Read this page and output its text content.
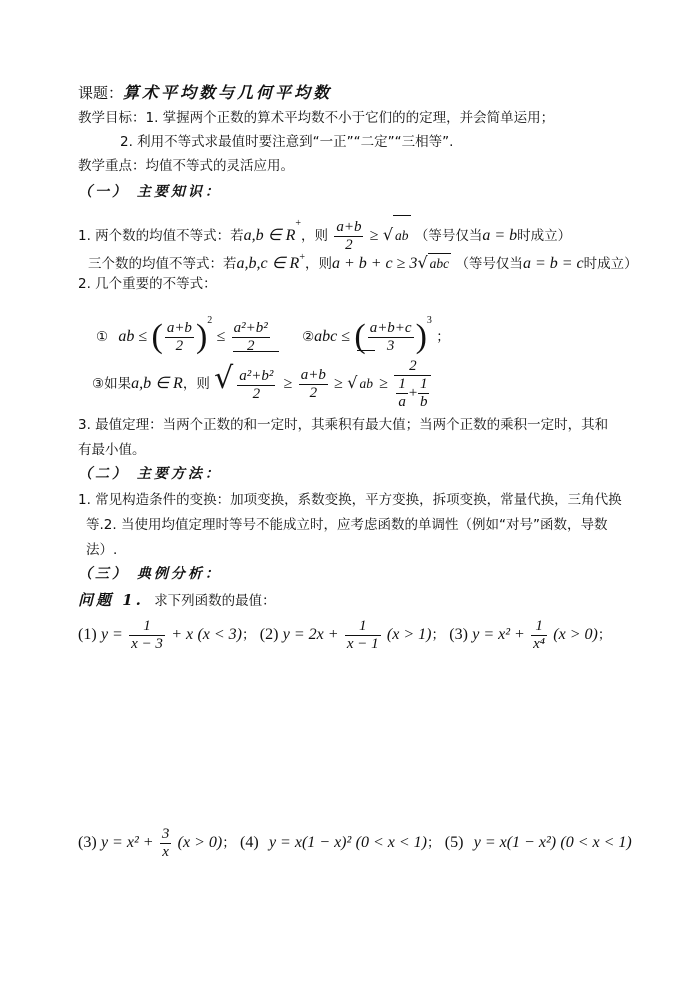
课题：算术平均数与几何平均数
教学目标：1. 掌握两个正数的算术平均数不小于它们的的定理，并会简单运用；
2. 利用不等式求最值时要注意到“一正”“二定”“三相等”.
教学重点：均值不等式的灵活应用。
（一） 主要知识：
1. 两个数的均值不等式：若a,b ∈ R+，则 $\frac{a+b}{2}$ ≥ √ ab （等号仅当a = b时成立）
三个数的均值不等式：若a,b,c ∈ R+，则a + b + c ≥ 3√ abc （等号仅当a = b = c时成立）
2. 几个重要的不等式：
① ab ≤ ( $\frac{a+b}{2} )^2 \le \frac{\text{a²+b²}}{2}$ ②abc ≤ ( $\frac{a+b+c}{3} )^3$ ；
③如果a,b ∈ R，则 √ $\frac{\text{a²+b²}}{2} \ge \frac{a+b}{2}$ ≥ √ ab ≥ $\frac{2}{\frac{1}{a} + \frac{1}{b}}$
3. 最值定理：当两个正数的和一定时，其乘积有最大值；当两个正数的乘积一定时，其和
有最小值。
（二） 主要方法：
1. 常见构造条件的变换：加项变换，系数变换，平方变换，拆项变换，常量代换，三角代换
等.2. 当使用均值定理时等号不能成立时，应考虑函数的单调性（例如“对号”函数，导数
法）.
（三） 典例分析：
问题 1. 求下列函数的最值：
(1) $y = \frac{1}{x - 3} + x$ (x < 3)； (2) $y = 2x + \frac{1}{x - 1} (x > 1)$； (3) $y = x^2 + \frac{1}{\text{x⁴}} (x > 0)$；
(3) $y = x^2 + \frac{3}{x} (x > 0)$； (4) y = x(1 − x)² (0 < x < 1)； (5) y = x(1 − x²) (0 < x < 1)
